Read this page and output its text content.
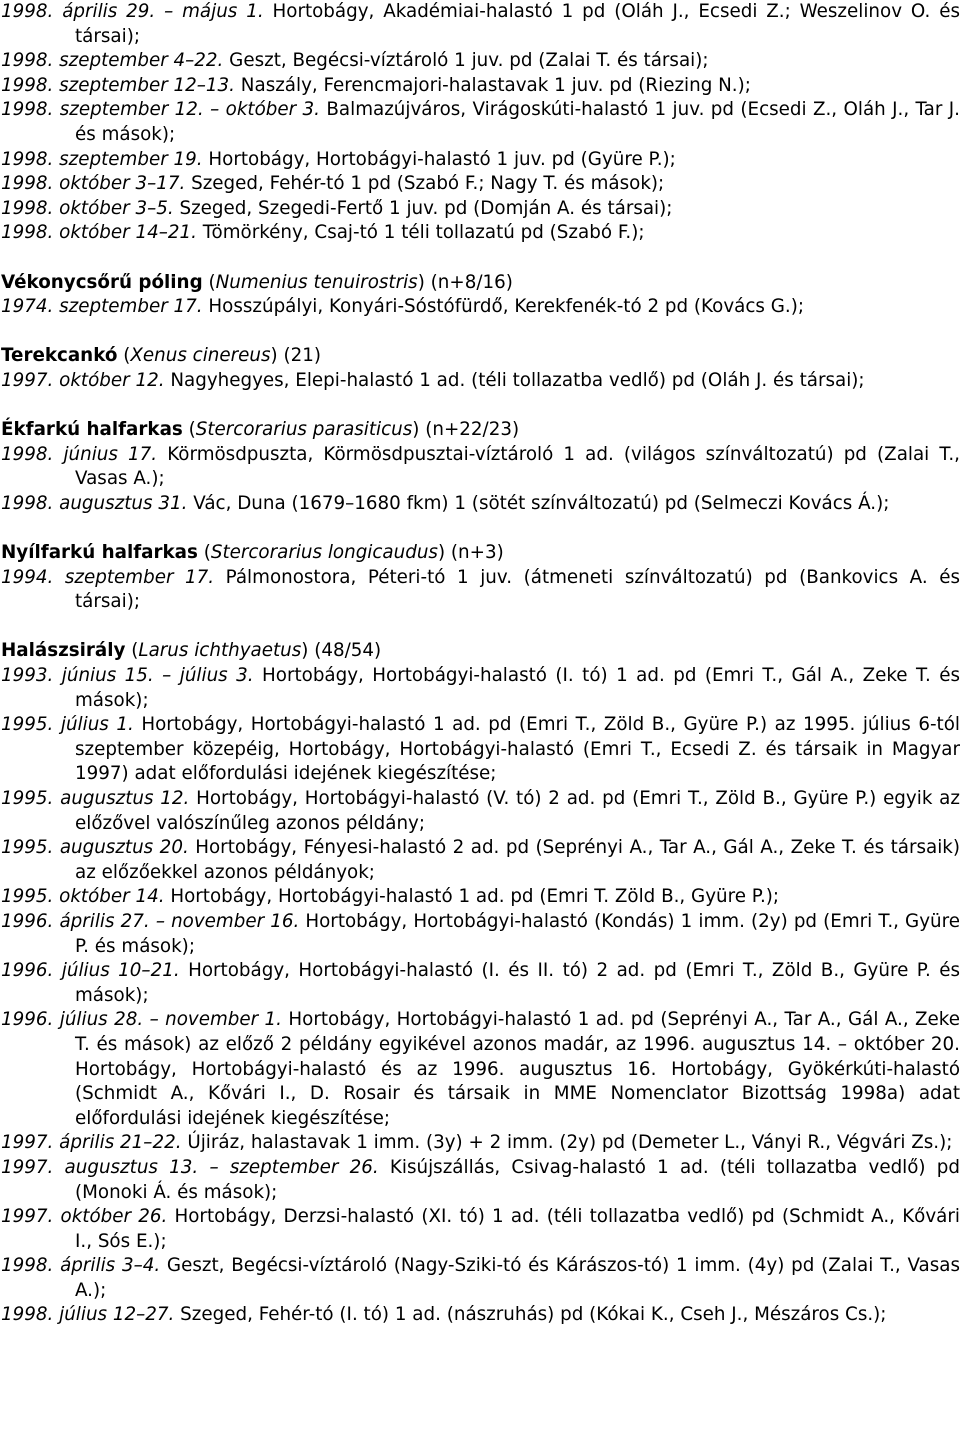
1998. április 29. – május 1. Hortobágy, Akadémiai-halastó 1 pd (Oláh J., Ecsedi Z.; Weszelinov O. és társai);

1998. szeptember 4–22. Geszt, Begécsi-víztároló 1 juv. pd (Zalai T. és társai);

1998. szeptember 12–13. Naszály, Ferencmajori-halastavak 1 juv. pd (Riezing N.);

1998. szeptember 12. – október 3. Balmazújváros, Virágoskúti-halastó 1 juv. pd (Ecsedi Z., Oláh J., Tar J. és mások);

1998. szeptember 19. Hortobágy, Hortobágyi-halastó 1 juv. pd (Gyüre P.);

1998. október 3–17. Szeged, Fehér-tó 1 pd (Szabó F.; Nagy T. és mások);

1998. október 3–5. Szeged, Szegedi-Fertő 1 juv. pd (Domján A. és társai);

1998. október 14–21. Tömörkény, Csaj-tó 1 téli tollazatú pd (Szabó F.);

Vékonycsőrű póling (Numenius tenuirostris) (n+8/16)

1974. szeptember 17. Hosszúpályi, Konyári-Sóstófürdő, Kerekfenék-tó 2 pd (Kovács G.);

Terekcankó (Xenus cinereus) (21)

1997. október 12. Nagyhegyes, Elepi-halastó 1 ad. (téli tollazatba vedlő) pd (Oláh J. és társai);

Ékfarkú halfarkas (Stercorarius parasiticus) (n+22/23)

1998. június 17. Körmösdpuszta, Körmösdpusztai-víztároló 1 ad. (világos színváltozatú) pd (Zalai T., Vasas A.);

1998. augusztus 31. Vác, Duna (1679–1680 fkm) 1 (sötét színváltozatú) pd (Selmeczi Kovács Á.);

Nyílfarkú halfarkas (Stercorarius longicaudus) (n+3)

1994. szeptember 17. Pálmonostora, Péteri-tó 1 juv. (átmeneti színváltozatú) pd (Bankovics A. és társai);

Halászsirály (Larus ichthyaetus) (48/54)

1993. június 15. – július 3. Hortobágy, Hortobágyi-halastó (I. tó) 1 ad. pd (Emri T., Gál A., Zeke T. és mások);

1995. július 1. Hortobágy, Hortobágyi-halastó 1 ad. pd (Emri T., Zöld B., Gyüre P.) az 1995. július 6-tól szeptember közepéig, Hortobágy, Hortobágyi-halastó (Emri T., Ecsedi Z. és társaik in Magyar 1997) adat előfordulási idejének kiegészítése;

1995. augusztus 12. Hortobágy, Hortobágyi-halastó (V. tó) 2 ad. pd (Emri T., Zöld B., Gyüre P.) egyik az előzővel valószínűleg azonos példány;

1995. augusztus 20. Hortobágy, Fényesi-halastó 2 ad. pd (Seprényi A., Tar A., Gál A., Zeke T. és társaik) az előzőekkel azonos példányok;

1995. október 14. Hortobágy, Hortobágyi-halastó 1 ad. pd (Emri T. Zöld B., Gyüre P.);

1996. április 27. – november 16. Hortobágy, Hortobágyi-halastó (Kondás) 1 imm. (2y) pd (Emri T., Gyüre P. és mások);

1996. július 10–21. Hortobágy, Hortobágyi-halastó (I. és II. tó) 2 ad. pd (Emri T., Zöld B., Gyüre P. és mások);

1996. július 28. – november 1. Hortobágy, Hortobágyi-halastó 1 ad. pd (Seprényi A., Tar A., Gál A., Zeke T. és mások) az előző 2 példány egyikével azonos madár, az 1996. augusztus 14. – október 20. Hortobágy, Hortobágyi-halastó és az 1996. augusztus 16. Hortobágy, Gyökérkúti-halastó (Schmidt A., Kővári I., D. Rosair és társaik in MME Nomenclator Bizottság 1998a) adat előfordulási idejének kiegészítése;

1997. április 21–22. Újiráz, halastavak 1 imm. (3y) + 2 imm. (2y) pd (Demeter L., Ványi R., Végvári Zs.);

1997. augusztus 13. – szeptember 26. Kisújszállás, Csivag-halastó 1 ad. (téli tollazatba vedlő) pd (Monoki Á. és mások);

1997. október 26. Hortobágy, Derzsi-halastó (XI. tó) 1 ad. (téli tollazatba vedlő) pd (Schmidt A., Kővári I., Sós E.);

1998. április 3–4. Geszt, Begécsi-víztároló (Nagy-Sziki-tó és Kárászos-tó) 1 imm. (4y) pd (Zalai T., Vasas A.);

1998. július 12–27. Szeged, Fehér-tó (I. tó) 1 ad. (nászruhás) pd (Kókai K., Cseh J., Mészáros Cs.);
